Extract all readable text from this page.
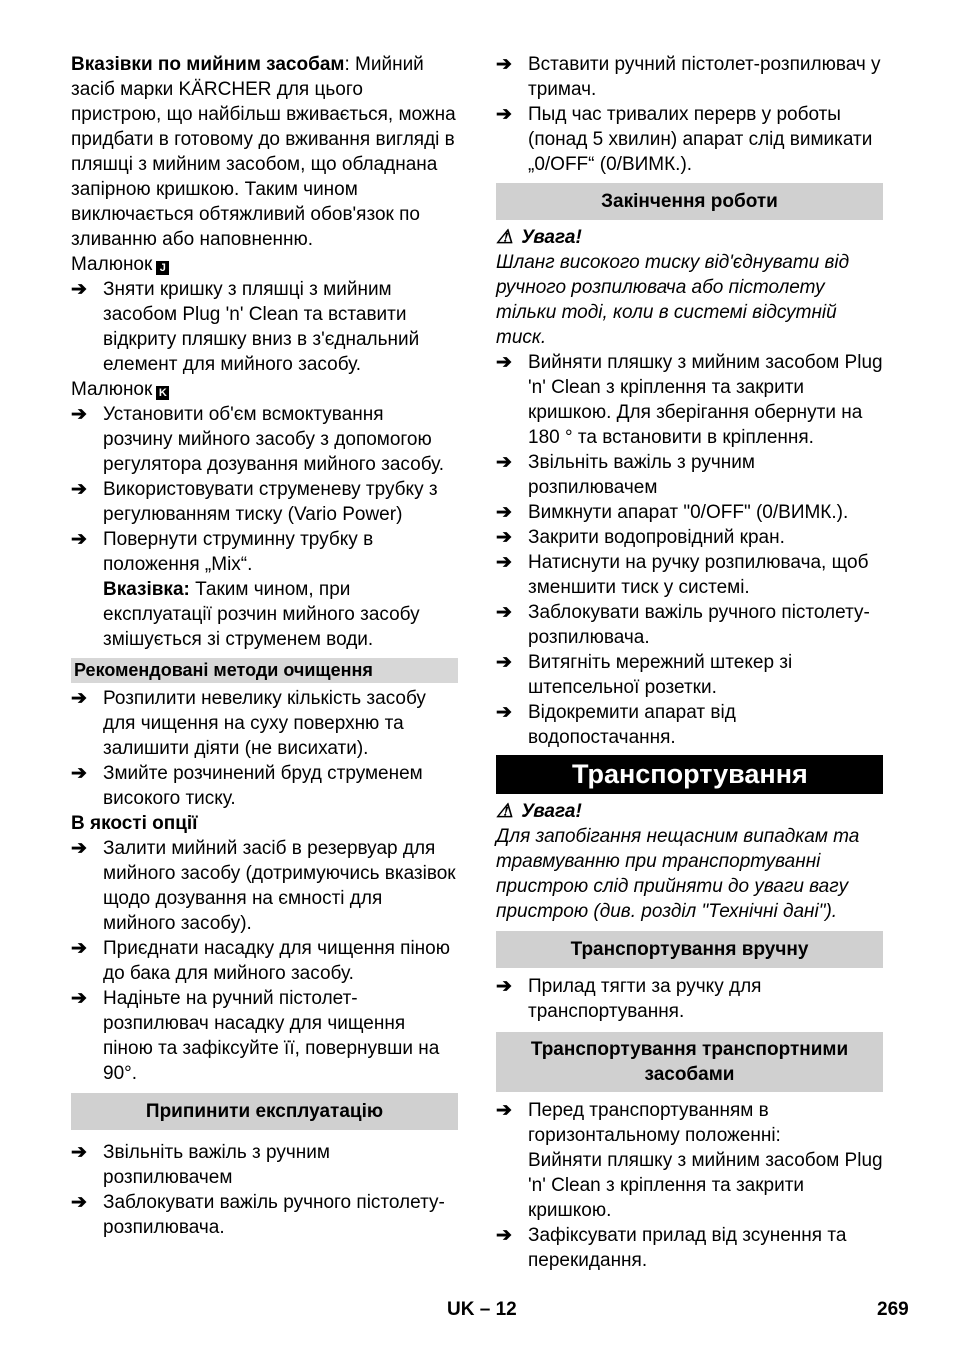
Вказівки по мийним засобам: Мийний засіб марки KÄRCHER для цього пристрою, що найбільш вживається, можна придбати в готовому до вживання вигляді в пляшці з мийним засобом, що обладнана запірною кришкою. Таким чином виключається обтяжливий обов'язок по зливанню або наповненню.

Малюнок J

➔ Зняти кришку з пляшці з мийним засобом Plug 'n' Clean та вставити відкриту пляшку вниз в з'єднальний елемент для мийного засобу.

Малюнок K

➔ Установити об'єм всмоктування розчину мийного засобу з допомогою регулятора дозування мийного засобу.
➔ Використовувати струменеву трубку з регулюванням тиску (Vario Power)
➔ Повернути струминну трубку в положення „Mix“.

Вказівка: Таким чином, при експлуатації розчин мийного засобу змішується зі струменем води.

Рекомендовані методи очищення
➔ Розпилити невелику кількість засобу для чищення на суху поверхню та залишити діяти (не висихати).
➔ Змийте розчинений бруд струменем високого тиску.

В якості опції

➔ Залити мийний засіб в резервуар для мийного засобу (дотримуючись вказівок щодо дозування на ємності для мийного засобу).
➔ Приєднати насадку для чищення піною до бака для мийного засобу.
➔ Надіньте на ручний пістолет-розпилювач насадку для чищення піною та зафіксуйте її, повернувши на 90°.
Припинити експлуатацію
➔ Звільніть важіль з ручним розпилювачем
➔ Заблокувати важіль ручного пістолету-розпилювача.
➔ Вставити ручний пістолет-розпилювач у тримач.
➔ Пыд час тривалих перерв у роботы (понад 5 хвилин) апарат слід вимикати „0/OFF“ (0/ВИМК.).
Закінчення роботи

⚠ Увага!

Шланг високого тиску від'єднувати від ручного розпилювача або пістолету тільки тоді, коли в системі відсутній тиск.

➔ Вийняти пляшку з мийним засобом Plug 'n' Clean з кріплення та закрити кришкою. Для зберігання обернути на 180 ° та встановити в кріплення.
➔ Звільніть важіль з ручним розпилювачем
➔ Вимкнути апарат "0/OFF" (0/ВИМК.).
➔ Закрити водопровідний кран.
➔ Натиснути на ручку розпилювача, щоб зменшити тиск у системі.
➔ Заблокувати важіль ручного пістолету-розпилювача.
➔ Витягніть мережний штекер зі штепсельної розетки.
➔ Відокремити апарат від водопостачання.
Транспортування

⚠ Увага!

Для запобігання нещасним випадкам та травмуванню при транспортуванні пристрою слід прийняти до уваги вагу пристрою (див. розділ "Технічні дані").

Транспортування вручну
➔ Прилад тягти за ручку для транспортування.
Транспортування транспортними засобами
➔ Перед транспортуванням в горизонтальному положенні:

Вийняти пляшку з мийним засобом Plug 'n' Clean з кріплення та закрити кришкою.

➔ Зафіксувати прилад від зсунення та перекидання.
UK – 12	269
